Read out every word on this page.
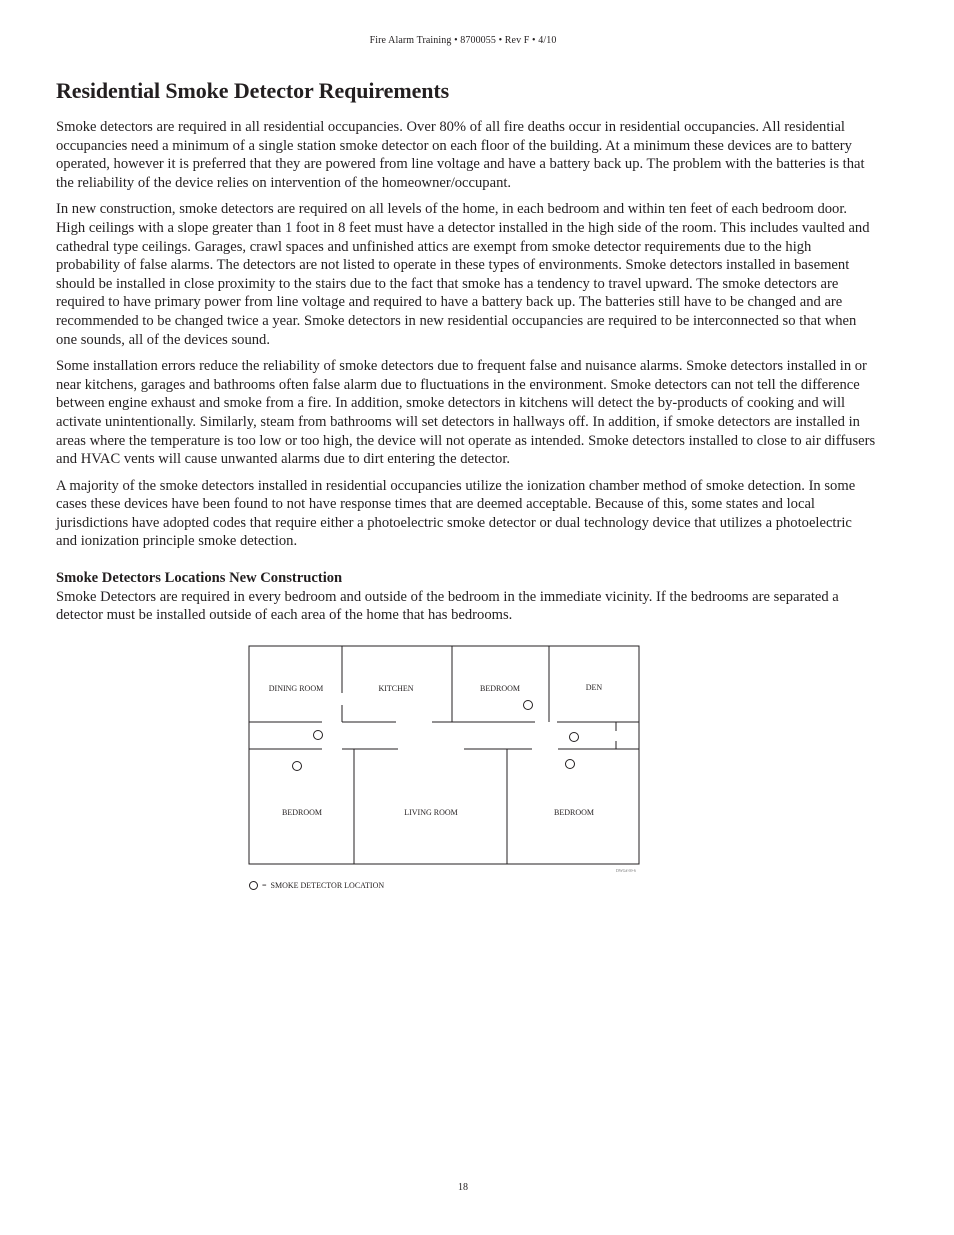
Fire Alarm Training • 8700055 • Rev F • 4/10
Residential Smoke Detector Requirements

Smoke detectors are required in all residential occupancies. Over 80% of all fire deaths occur in residential occupancies. All residential occupancies need a minimum of a single station smoke detector on each floor of the building. At a minimum these devices are to battery operated, however it is preferred that they are powered from line voltage and have a battery back up. The problem with the batteries is that the reliability of the device relies on intervention of the homeowner/occupant.

In new construction, smoke detectors are required on all levels of the home, in each bedroom and within ten feet of each bedroom door. High ceilings with a slope greater than 1 foot in 8 feet must have a detector installed in the high side of the room. This includes vaulted and cathedral type ceilings. Garages, crawl spaces and unfinished attics are exempt from smoke detector requirements due to the high probability of false alarms. The detectors are not listed to operate in these types of environments. Smoke detectors installed in basement should be installed in close proximity to the stairs due to the fact that smoke has a tendency to travel upward. The smoke detectors are required to have primary power from line voltage and required to have a battery back up. The batteries still have to be changed and are recommended to be changed twice a year. Smoke detectors in new residential occupancies are required to be interconnected so that when one sounds, all of the devices sound.

Some installation errors reduce the reliability of smoke detectors due to frequent false and nuisance alarms. Smoke detectors installed in or near kitchens, garages and bathrooms often false alarm due to fluctuations in the environment. Smoke detectors can not tell the difference between engine exhaust and smoke from a fire. In addition, smoke detectors in kitchens will detect the by-products of cooking and will activate unintentionally. Similarly, steam from bathrooms will set detectors in hallways off. In addition, if smoke detectors are installed in areas where the temperature is too low or too high, the device will not operate as intended. Smoke detectors installed to close to air diffusers and HVAC vents will cause unwanted alarms due to dirt entering the detector.

A majority of the smoke detectors installed in residential occupancies utilize the ionization chamber method of smoke detection. In some cases these devices have been found to not have response times that are deemed acceptable. Because of this, some states and local jurisdictions have adopted codes that require either a photoelectric smoke detector or dual technology device that utilizes a photoelectric and ionization principle smoke detection.

Smoke Detectors Locations New Construction
Smoke Detectors are required in every bedroom and outside of the bedroom in the immediate vicinity. If the bedrooms are separated a detector must be installed outside of each area of the home that has bedrooms.

DINING ROOM	KITCHEN	BEDROOM	DEN
BEDROOM	LIVING ROOM	BEDROOM
DWG# 69-6
= SMOKE DETECTOR LOCATION
18
